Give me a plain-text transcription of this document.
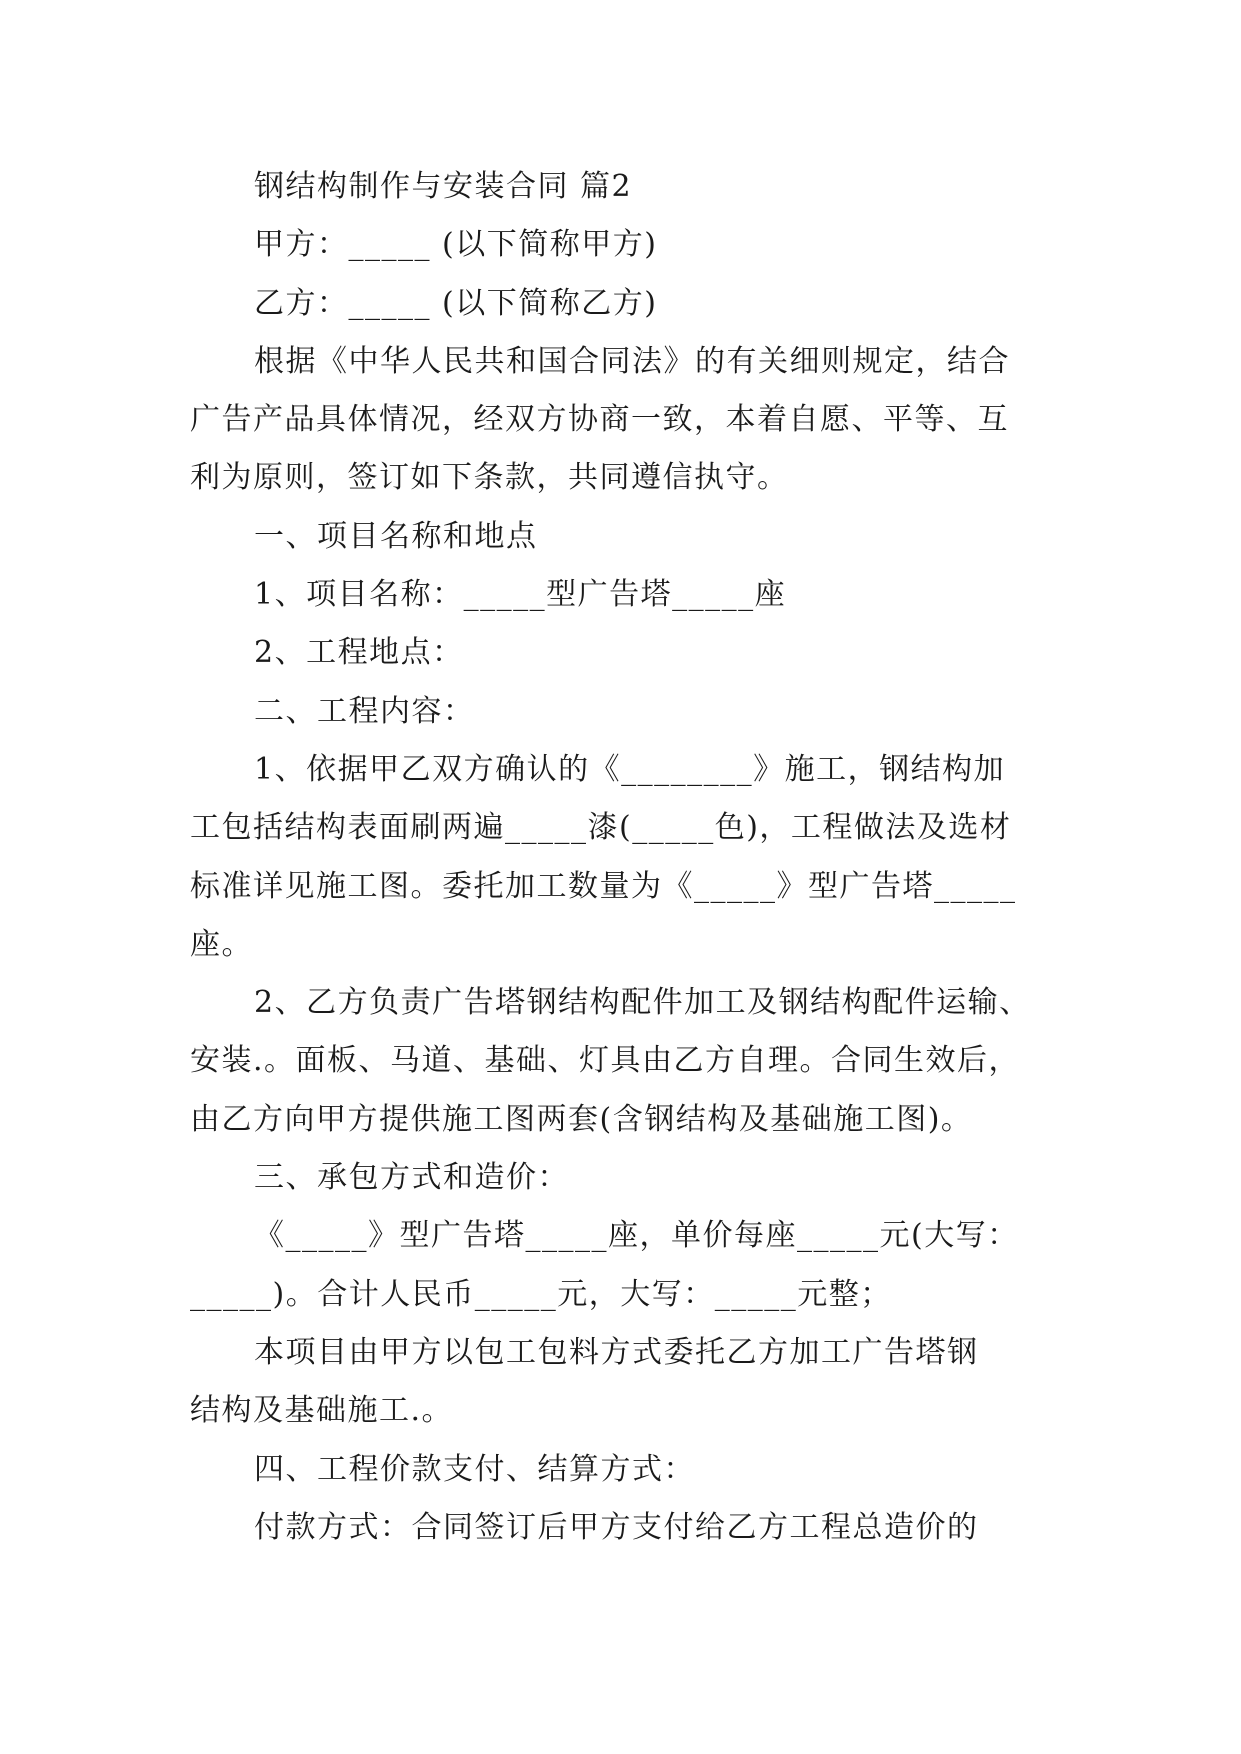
钢结构制作与安装合同 篇2

甲方：_____ (以下简称甲方)

乙方：_____ (以下简称乙方)

根据《中华人民共和国合同法》的有关细则规定，结合

广告产品具体情况，经双方协商一致，本着自愿、平等、互

利为原则，签订如下条款，共同遵信执守。

一、项目名称和地点

1、项目名称：_____型广告塔_____座

2、工程地点：

二、工程内容：

1、依据甲乙双方确认的《________》施工，钢结构加

工包括结构表面刷两遍_____漆(_____色)，工程做法及选材

标准详见施工图。委托加工数量为《_____》型广告塔_____

座。

2、乙方负责广告塔钢结构配件加工及钢结构配件运输、

安装.。面板、马道、基础、灯具由乙方自理。合同生效后，

由乙方向甲方提供施工图两套(含钢结构及基础施工图)。

三、承包方式和造价：

《_____》型广告塔_____座，单价每座_____元(大写：

_____)。合计人民币_____元，大写：_____元整；

本项目由甲方以包工包料方式委托乙方加工广告塔钢

结构及基础施工.。

四、工程价款支付、结算方式：

付款方式：合同签订后甲方支付给乙方工程总造价的
